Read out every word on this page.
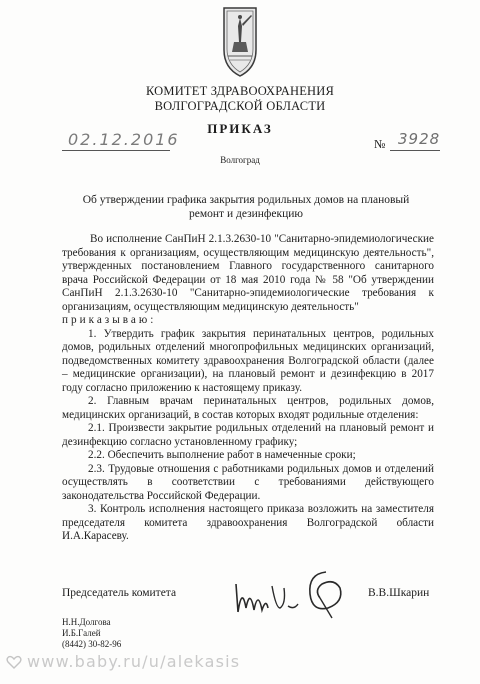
КОМИТЕТ ЗДРАВООХРАНЕНИЯ
ВОЛГОГРАДСКОЙ ОБЛАСТИ
ПРИКАЗ
02.12.2016	№ 3928
Волгоград
Об утверждении графика закрытия родильных домов на плановый ремонт и дезинфекцию

Во исполнение СанПиН 2.1.3.2630-10 "Санитарно-эпидемиологические требования к организациям, осуществляющим медицинскую деятельность", утвержденных постановлением Главного государственного санитарного врача Российской Федерации от 18 мая 2010 года № 58 "Об утверждении СанПиН 2.1.3.2630-10 "Санитарно-эпидемиологические требования к организациям, осуществляющим медицинскую деятельность"

приказываю:

1. Утвердить график закрытия перинатальных центров, родильных домов, родильных отделений многопрофильных медицинских организаций, подведомственных комитету здравоохранения Волгоградской области (далее – медицинские организации), на плановый ремонт и дезинфекцию в 2017 году согласно приложению к настоящему приказу.

2. Главным врачам перинатальных центров, родильных домов, медицинских организаций, в состав которых входят родильные отделения:

2.1. Произвести закрытие родильных отделений на плановый ремонт и дезинфекцию согласно установленному графику;

2.2. Обеспечить выполнение работ в намеченные сроки;

2.3. Трудовые отношения с работниками родильных домов и отделений осуществлять в соответствии с требованиями действующего законодательства Российской Федерации.

3. Контроль исполнения настоящего приказа возложить на заместителя председателя комитета здравоохранения Волгоградской области И.А.Карасеву.

Председатель комитета	В.В.Шкарин
Н.Н.Долгова
И.Б.Галей
(8442) 30-82-96
www.baby.ru/u/alekasis
